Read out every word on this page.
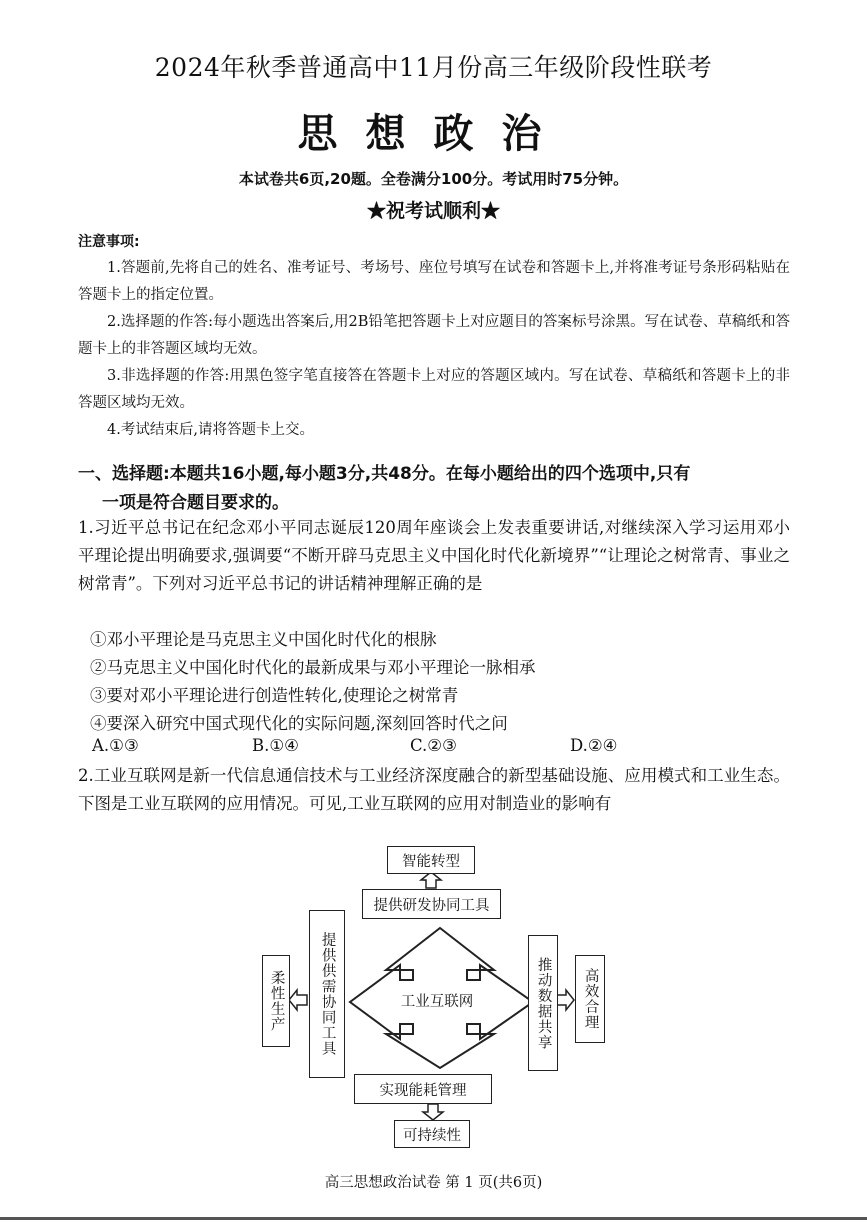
2024年秋季普通高中11月份高三年级阶段性联考
思想政治
本试卷共6页,20题。全卷满分100分。考试用时75分钟。
★祝考试顺利★
注意事项:

1.答题前,先将自己的姓名、准考证号、考场号、座位号填写在试卷和答题卡上,并将准考证号条形码粘贴在答题卡上的指定位置。

2.选择题的作答:每小题选出答案后,用2B铅笔把答题卡上对应题目的答案标号涂黑。写在试卷、草稿纸和答题卡上的非答题区域均无效。

3.非选择题的作答:用黑色签字笔直接答在答题卡上对应的答题区域内。写在试卷、草稿纸和答题卡上的非答题区域均无效。

4.考试结束后,请将答题卡上交。

一、选择题:本题共16小题,每小题3分,共48分。在每小题给出的四个选项中,只有
一项是符合题目要求的。
1.习近平总书记在纪念邓小平同志诞辰120周年座谈会上发表重要讲话,对继续深入学习运用邓小平理论提出明确要求,强调要“不断开辟马克思主义中国化时代化新境界”“让理论之树常青、事业之树常青”。下列对习近平总书记的讲话精神理解正确的是
①邓小平理论是马克思主义中国化时代化的根脉
②马克思主义中国化时代化的最新成果与邓小平理论一脉相承
③要对邓小平理论进行创造性转化,使理论之树常青
④要深入研究中国式现代化的实际问题,深刻回答时代之问
A.①③	B.①④	C.②③	D.②④
2.工业互联网是新一代信息通信技术与工业经济深度融合的新型基础设施、应用模式和工业生态。下图是工业互联网的应用情况。可见,工业互联网的应用对制造业的影响有
智能转型
提供研发协同工具
提供供需协同工具
柔性生产	工业互联网	推动数据共享	高效合理
实现能耗管理
可持续性
高三思想政治试卷 第 1 页(共6页)
